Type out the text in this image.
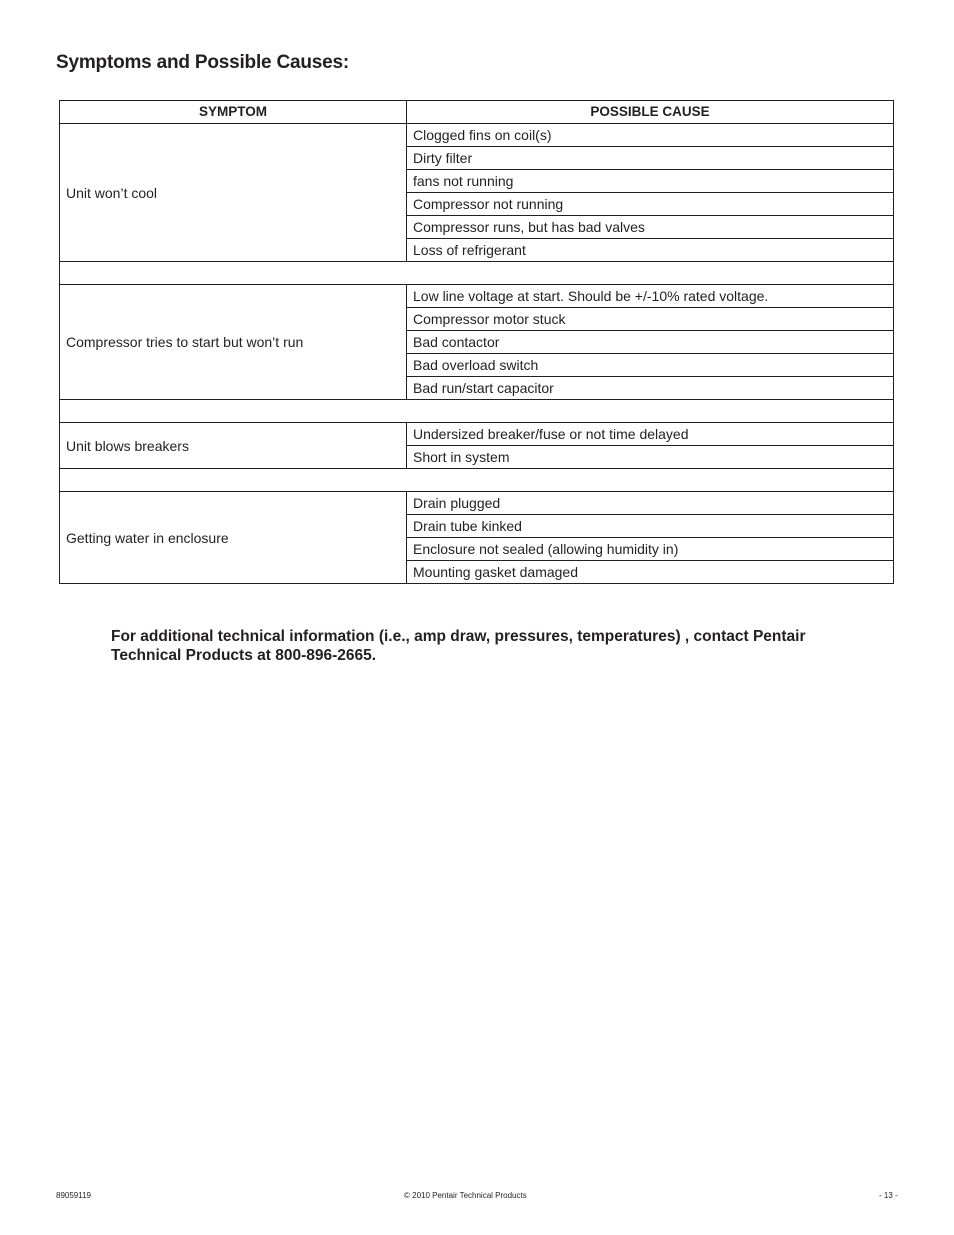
Symptoms and Possible Causes:
SYMPTOM	POSSIBLE CAUSE
Unit won’t cool	Clogged fins on coil(s)
	Dirty filter
	fans not running
	Compressor not running
	Compressor runs, but has bad valves
	Loss of refrigerant

Compressor tries to start but won’t run	Low line voltage at start. Should be +/-10% rated voltage.
	Compressor motor stuck
	Bad contactor
	Bad overload switch
	Bad run/start capacitor

Unit blows breakers	Undersized breaker/fuse or not time delayed
	Short in system

Getting water in enclosure	Drain plugged
	Drain tube kinked
	Enclosure not sealed (allowing humidity in)
	Mounting gasket damaged
For additional technical information (i.e., amp draw, pressures, temperatures) , contact Pentair Technical Products at 800-896-2665.
89059119	© 2010 Pentair Technical Products	- 13 -
